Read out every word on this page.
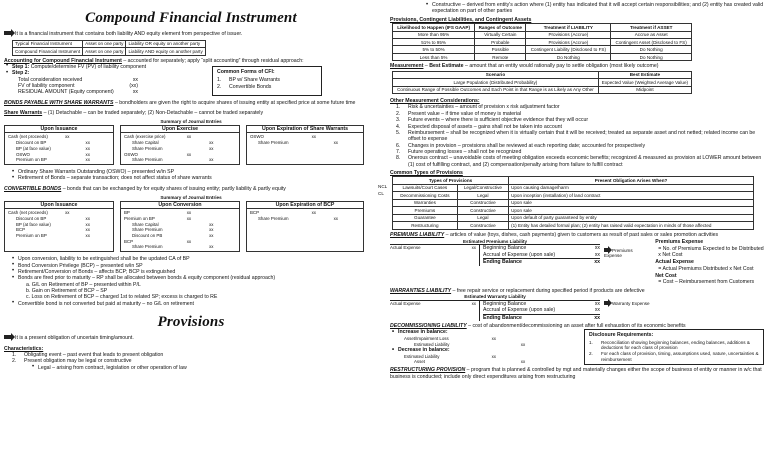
Compound Financial Instrument

It is a financial instrument that contains both liability AND equity element from perspective of issuer.

Typical Financial Instrument	Asset on one party	Liability OR equity on another party
Compound Financial Instrument	Asset on one party	Liability AND equity on another party

Accounting for Compound Financial Instrument – accounted for separately; apply “split accounting” through residual approach:

• Step 1: Compute/determine FV (PV) of liability component
• Step 2:
Total consideration received	xx
FV of liability component	(xx)
RESIDUAL AMOUNT (Equity component)	xx
Common Forms of CFI:
1. BP w/ Share Warrants
2. Convertible Bonds

BONDS PAYABLE WITH SHARE WARRANTS – bondholders are given the right to acquire shares of issuing entity at specified price at some future time

Share Warrants – (1) Detachable – can be traded separately; (2) Non-Detachable – cannot be traded separately

Summary of Journal Entries
Upon Issuance
Cash (net proceeds)	xx
Discount on BP	xx
BP (at face value)	xx
OSWO	xx
Premium on BP	xx
Upon Exercise
Cash (exercise price)	xx
Share Capital	xx
Share Premium	xx
OSWO	xx
Share Premium	xx
Upon Expiration of Share Warrants
OSWO	xx
Share Premium	xx
• Ordinary Share Warrants Outstanding (OSWO) – presented w/in SP
• Retirement of Bonds – separate transaction; does not affect status of share warrants

CONVERTIBLE BONDS – bonds that can be exchanged by for equity shares of issuing entity; partly liability & partly equity

Summary of Journal Entries
Upon Issuance
Cash (net proceeds)	xx
Discount on BP	xx
BP (at face value)	xx
BCP	xx
Premium on BP	xx
Upon Conversion
BP	xx
Premium on BP	xx
Share Capital	xx
Share Premium	xx
Discount on PB	xx
BCP	xx
Share Premium	xx
Upon Expiration of BCP
BCP	xx
Share Premium	xx
• Upon conversion, liability to be extinguished shall be the updated CA of BP
• Bond Conversion Privilege (BCP) – presented w/in SP
• Retirement/Conversion of Bonds – affects BCP; BCP is extinguished
• Bonds are fired prior to maturity – RP shall be allocated between bonds & equity component (residual approach)
a. G/L on Retirement of BP – presented within P/L
b. Gain on Retirement of BCP – SP
c. Loss on Retirement of BCP – charged 1st to related SP; excess is charged to RE
• Convertible bond is not converted but paid at maturity – no G/L on retirement
Provisions

It is a present obligation of uncertain timing/amount.

Characteristics:

1. Obligating event – past event that leads to present obligation
2. Present obligation may be legal or constructive
• Legal – arising from contract, legislation or other operation of law
• Constructive – derived from entity's action where (1) entity has indicated that it will accept certain responsibilities; and (2) entity has created valid expectation on part of other parties

Provisions, Contingent Liabilities, and Contingent Assets

Likelihood to Happen (IFS GAAP)	Ranges of Outcome	Treatment if LIABILITY	Treatment if ASSET
More than 95%	Virtually Certain	Provisions (Accrue)	Accrue as Asset
51% to 95%	Probable	Provisions (Accrue)	Contingent Asset (Disclosed to FS)
5% to 50%	Possible	Contingent Liability (Disclosed to FS)	Do Nothing
Less than 5%	Remote	Do Nothing	Do Nothing

Measurement – Best Estimate – amount that an entity would rationally pay to settle obligation (most likely outcome)

Scenario	Best Estimate
Large Population (Distributed Probability)	Expected Value (Weighted Average Value)
Continuous Range of Possible Outcomes and Each Point in that Range is as Likely as Any Other	Midpoint

Other Measurement Considerations:

1. Risk & uncertainties – amount of provision x risk adjustment factor
2. Present value – if time value of money is material
3. Future events – where there is sufficient objective evidence that they will occur
4. Expected disposal of assets – gains shall not be taken into account
5. Reimbursement – shall be recognized when it is virtually certain that it will be received; treated as separate asset and not netted; related income can be offset to expense
6. Changes in provision – provisions shall be reviewed at each reporting date; accounted for prospectively
7. Future operating losses – shall not be recognized
8. Onerous contract – unavoidable costs of meeting obligation exceeds economic benefits; recognized & measured as provision at LOWER amount between (1) cost of fulfilling contract, and (2) compensation/penalty arising from failure to fulfill contract

Common Types of Provisions

NCL
CL
Types of Provisions		Present Obligation Arises When?
Lawsuits/Court Cases	Legal/Constructive	Upon causing damage/harm
Decommissioning Costs	Legal	Upon inception (installation) of land contract
Warranties	Constructive	Upon sale
Premiums	Constructive	Upon sale
Guarantee	Legal	Upon default of party guaranteed by entity
Restructuring	Constructive	(1) Entity has detailed formal plan; (2) entity has raised valid expectation in minds of those affected

PREMIUMS LIABILITY – articles of value (toys, dishes, cash payments) given to customers as result of past sales or sales promotion activities

Estimated Premiums Liability
Actual Expense	xx Beginning Balance	xx
Accrual of Expense (upon sale)	xx
Ending Balance	xx
Premiums Expense
Premiums Expense
= No. of Premiums Expected to be Distributed x Net Cost
Actual Expense
= Actual Premiums Distributed x Net Cost
Net Cost
= Cost – Reimbursement from Customers

WARRANTIES LIABILITY – free repair service or replacement during specified period if products are defective

Estimated Warranty Liability
Actual Expense	xx Beginning Balance	xx
Accrual of Expense (upon sale)	xx
Ending Balance	xx
Warranty Expense

DECOMMISSIONING LIABILITY – cost of abandonment/decommissioning an asset after full exhaustion of its economic benefits

• Increase in balance:
Asset/Impairment Loss	xx
Estimated Liability	xx
• Decrease in balance:
Estimated Liability	xx
Asset	xx
Disclosure Requirements:
1. Reconciliation showing beginning balances, ending balances, additions & deductions for each class of provision
2. For each class of provision, timing, assumptions used, nature, uncertainties & reimbursement

RESTRUCTURING PROVISION – program that is planned & controlled by mgt and materially changes either the scope of business of entity or manner in w/c that business is conducted; include only direct expenditures arising from restructuring
